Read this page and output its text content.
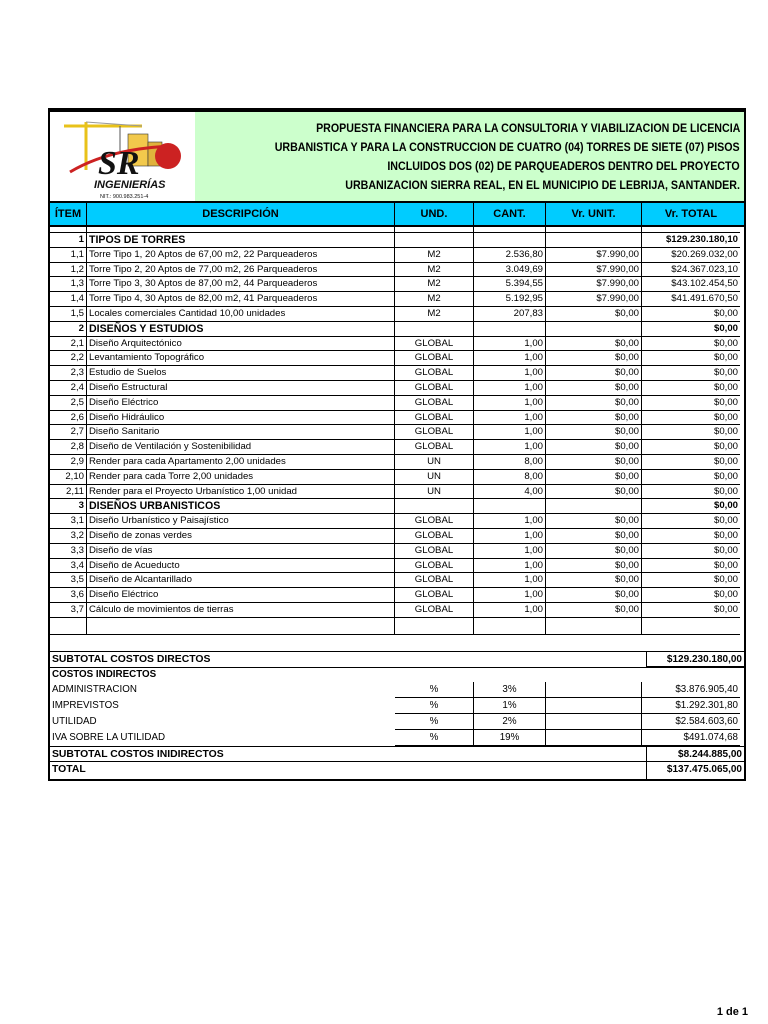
SR
INGENIERÍAS
NIT.: 900.983.251-4
PROPUESTA FINANCIERA PARA LA CONSULTORIA Y VIABILIZACION DE LICENCIA
URBANISTICA Y PARA LA CONSTRUCCION DE CUATRO (04) TORRES DE SIETE (07) PISOS
INCLUIDOS DOS (02) DE PARQUEADEROS DENTRO DEL PROYECTO
URBANIZACION SIERRA REAL, EN EL MUNICIPIO DE LEBRIJA, SANTANDER.
ÍTEM	DESCRIPCIÓN	UND.	CANT.	Vr. UNIT.	Vr. TOTAL
1 TIPOS DE TORRES	$129.230.180,10
1,1 Torre Tipo 1, 20 Aptos de 67,00 m2, 22 Parqueaderos	M2	2.536,80	$7.990,00	$20.269.032,00
1,2 Torre Tipo 2, 20 Aptos de 77,00 m2, 26 Parqueaderos	M2	3.049,69	$7.990,00	$24.367.023,10
1,3 Torre Tipo 3, 30 Aptos de 87,00 m2, 44 Parqueaderos	M2	5.394,55	$7.990,00	$43.102.454,50
1,4 Torre Tipo 4, 30 Aptos de 82,00 m2, 41 Parqueaderos	M2	5.192,95	$7.990,00	$41.491.670,50
1,5 Locales comerciales Cantidad 10,00 unidades	M2	207,83	$0,00	$0,00
2 DISEÑOS Y ESTUDIOS	$0,00
2,1 Diseño Arquitectónico	GLOBAL	1,00	$0,00	$0,00
2,2 Levantamiento Topográfico	GLOBAL	1,00	$0,00	$0,00
2,3 Estudio de Suelos	GLOBAL	1,00	$0,00	$0,00
2,4 Diseño Estructural	GLOBAL	1,00	$0,00	$0,00
2,5 Diseño Eléctrico	GLOBAL	1,00	$0,00	$0,00
2,6 Diseño Hidráulico	GLOBAL	1,00	$0,00	$0,00
2,7 Diseño Sanitario	GLOBAL	1,00	$0,00	$0,00
2,8 Diseño de Ventilación y Sostenibilidad	GLOBAL	1,00	$0,00	$0,00
2,9 Render para cada Apartamento 2,00 unidades	UN	8,00	$0,00	$0,00
2,10 Render para cada Torre 2,00 unidades	UN	8,00	$0,00	$0,00
2,11 Render para el Proyecto Urbanístico 1,00 unidad	UN	4,00	$0,00	$0,00
3 DISEÑOS URBANISTICOS	$0,00
3,1 Diseño Urbanístico y Paisajístico	GLOBAL	1,00	$0,00	$0,00
3,2 Diseño de zonas verdes	GLOBAL	1,00	$0,00	$0,00
3,3 Diseño de vías	GLOBAL	1,00	$0,00	$0,00
3,4 Diseño de Acueducto	GLOBAL	1,00	$0,00	$0,00
3,5 Diseño de Alcantarillado	GLOBAL	1,00	$0,00	$0,00
3,6 Diseño Eléctrico	GLOBAL	1,00	$0,00	$0,00
3,7 Cálculo de movimientos de tierras	GLOBAL	1,00	$0,00	$0,00
SUBTOTAL COSTOS DIRECTOS	$129.230.180,00
COSTOS INDIRECTOS
ADMINISTRACION	%	3%	$3.876.905,40
IMPREVISTOS	%	1%	$1.292.301,80
UTILIDAD	%	2%	$2.584.603,60
IVA SOBRE LA UTILIDAD	%	19%	$491.074,68
SUBTOTAL COSTOS INIDIRECTOS	$8.244.885,00
TOTAL	$137.475.065,00
1 de 1
